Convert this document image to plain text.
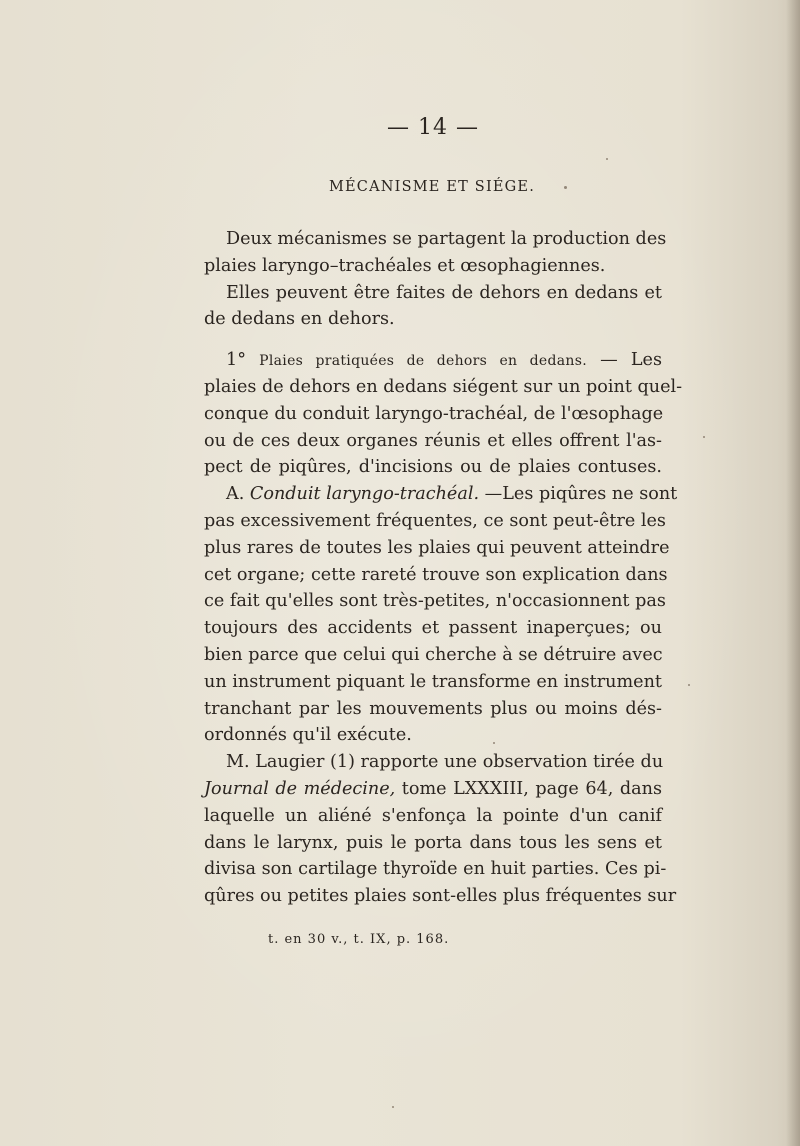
— 14 —
MÉCANISME ET SIÉGE.
Deux mécanismes se partagent la production des
plaies laryngo–trachéales et œsophagiennes.
Elles peuvent être faites de dehors en dedans et
de dedans en dehors.
1° Plaies pratiquées de dehors en dedans. — Les
plaies de dehors en dedans siégent sur un point quel-
conque du conduit laryngo-trachéal, de l'œsophage
ou de ces deux organes réunis et elles offrent l'as-
pect de piqûres, d'incisions ou de plaies contuses.
A. Conduit laryngo-trachéal. —Les piqûres ne sont
pas excessivement fréquentes, ce sont peut-être les
plus rares de toutes les plaies qui peuvent atteindre
cet organe; cette rareté trouve son explication dans
ce fait qu'elles sont très-petites, n'occasionnent pas
toujours des accidents et passent inaperçues; ou
bien parce que celui qui cherche à se détruire avec
un instrument piquant le transforme en instrument
tranchant par les mouvements plus ou moins dés-
ordonnés qu'il exécute.
M. Laugier (1) rapporte une observation tirée du
Journal de médecine, tome LXXXIII, page 64, dans
laquelle un aliéné s'enfonça la pointe d'un canif
dans le larynx, puis le porta dans tous les sens et
divisa son cartilage thyroïde en huit parties. Ces pi-
qûres ou petites plaies sont-elles plus fréquentes sur
t. en 30 v., t. IX, p. 168.
